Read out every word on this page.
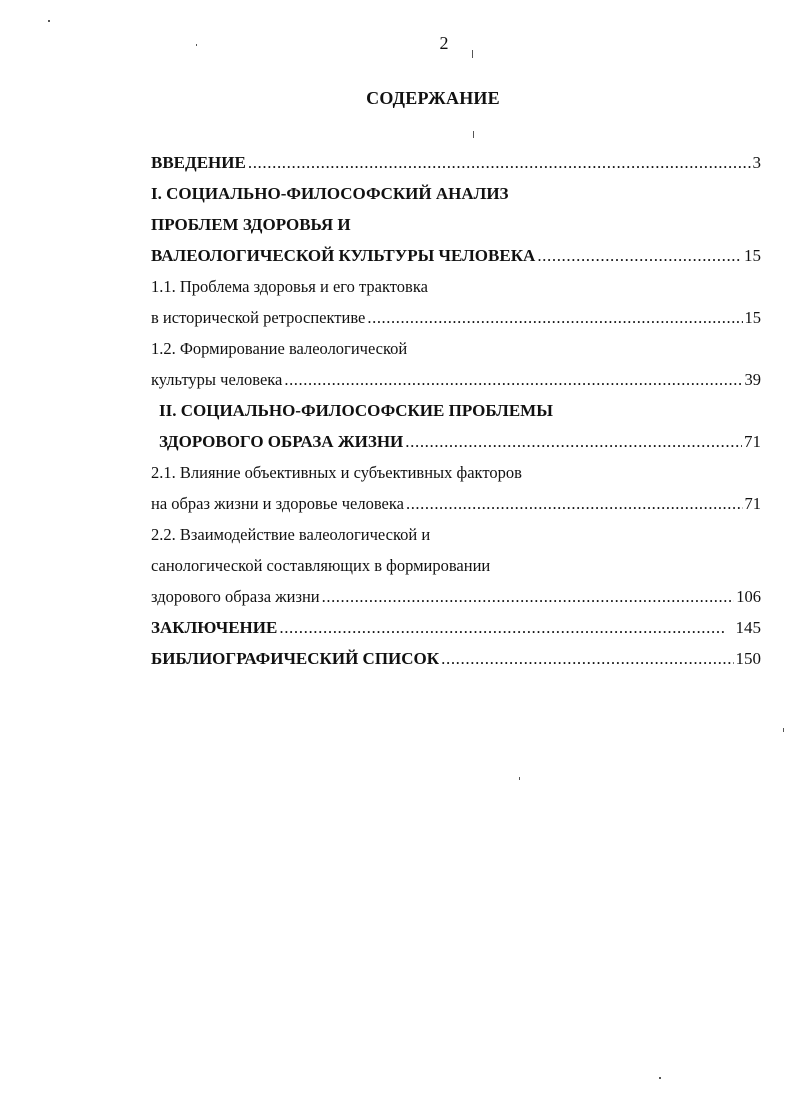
2
СОДЕРЖАНИЕ
ВВЕДЕНИЕ .....	3
I. СОЦИАЛЬНО-ФИЛОСОФСКИЙ АНАЛИЗ
ПРОБЛЕМ ЗДОРОВЬЯ И
ВАЛЕОЛОГИЧЕСКОЙ КУЛЬТУРЫ ЧЕЛОВЕКА .....	15
1.1. Проблема здоровья и его трактовка
в исторической ретроспективе .....	15
1.2. Формирование валеологической
культуры человека .....	39
II. СОЦИАЛЬНО-ФИЛОСОФСКИЕ ПРОБЛЕМЫ
ЗДОРОВОГО ОБРАЗА ЖИЗНИ .....	71
2.1. Влияние объективных и субъективных факторов
на образ жизни и здоровье человека .....	71
2.2. Взаимодействие валеологической и
санологической составляющих в формировании
здорового образа жизни .....	106
ЗАКЛЮЧЕНИЕ .....	145
БИБЛИОГРАФИЧЕСКИЙ СПИСОК .....	150
